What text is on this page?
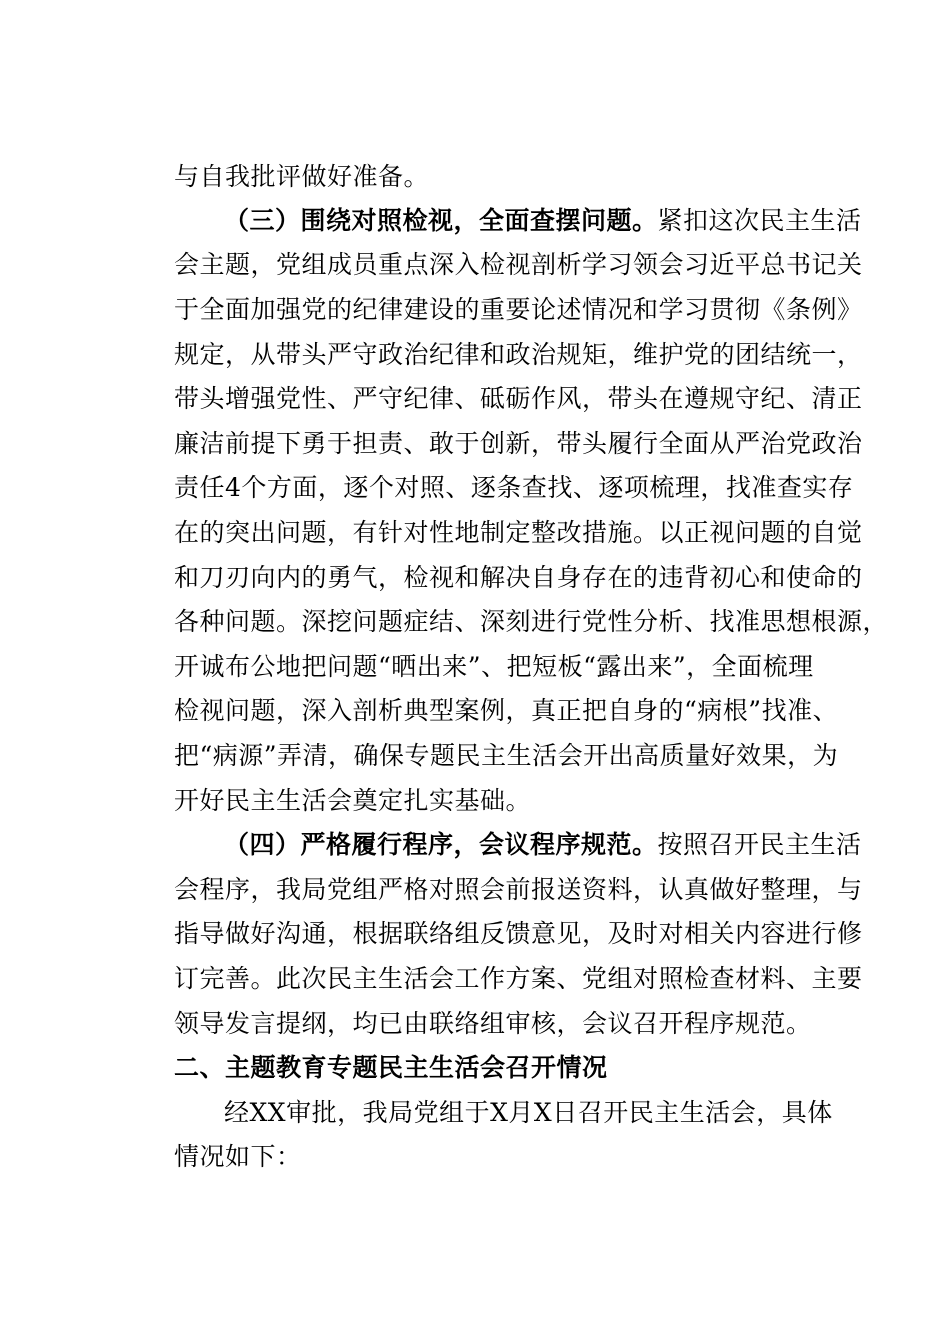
与自我批评做好准备。
（三）围绕对照检视，全面查摆问题。紧扣这次民主生活
会主题，党组成员重点深入检视剖析学习领会习近平总书记关
于全面加强党的纪律建设的重要论述情况和学习贯彻《条例》
规定，从带头严守政治纪律和政治规矩，维护党的团结统一，
带头增强党性、严守纪律、砥砺作风，带头在遵规守纪、清正
廉洁前提下勇于担责、敢于创新，带头履行全面从严治党政治
责任4个方面，逐个对照、逐条查找、逐项梳理，找准查实存
在的突出问题，有针对性地制定整改措施。以正视问题的自觉
和刀刃向内的勇气，检视和解决自身存在的违背初心和使命的
各种问题。深挖问题症结、深刻进行党性分析、找准思想根源，
开诚布公地把问题“晒出来”、把短板“露出来”，全面梳理
检视问题，深入剖析典型案例，真正把自身的“病根”找准、
把“病源”弄清，确保专题民主生活会开出高质量好效果，为
开好民主生活会奠定扎实基础。
（四）严格履行程序，会议程序规范。按照召开民主生活
会程序，我局党组严格对照会前报送资料，认真做好整理，与
指导做好沟通，根据联络组反馈意见，及时对相关内容进行修
订完善。此次民主生活会工作方案、党组对照检查材料、主要
领导发言提纲，均已由联络组审核，会议召开程序规范。
二、主题教育专题民主生活会召开情况
经XX审批，我局党组于X月X日召开民主生活会，具体
情况如下：
